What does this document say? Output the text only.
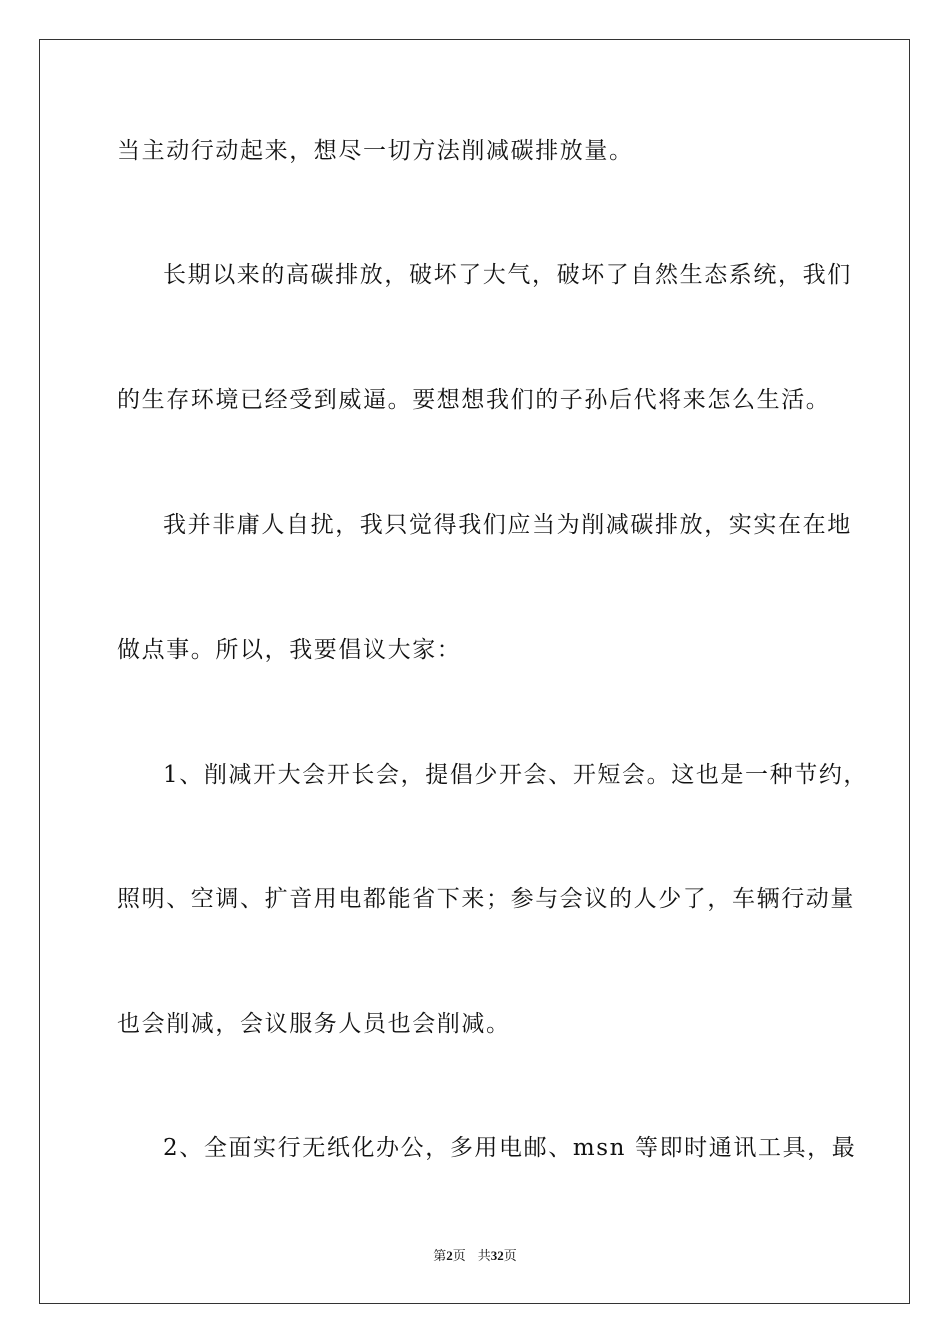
当主动行动起来，想尽一切方法削减碳排放量。
长期以来的高碳排放，破坏了大气，破坏了自然生态系统，我们
的生存环境已经受到威逼。要想想我们的子孙后代将来怎么生活。
我并非庸人自扰，我只觉得我们应当为削减碳排放，实实在在地
做点事。所以，我要倡议大家：
1、削减开大会开长会，提倡少开会、开短会。这也是一种节约，
照明、空调、扩音用电都能省下来；参与会议的人少了，车辆行动量
也会削减，会议服务人员也会削减。
2、全面实行无纸化办公，多用电邮、msn 等即时通讯工具，最
第2页 共32页
